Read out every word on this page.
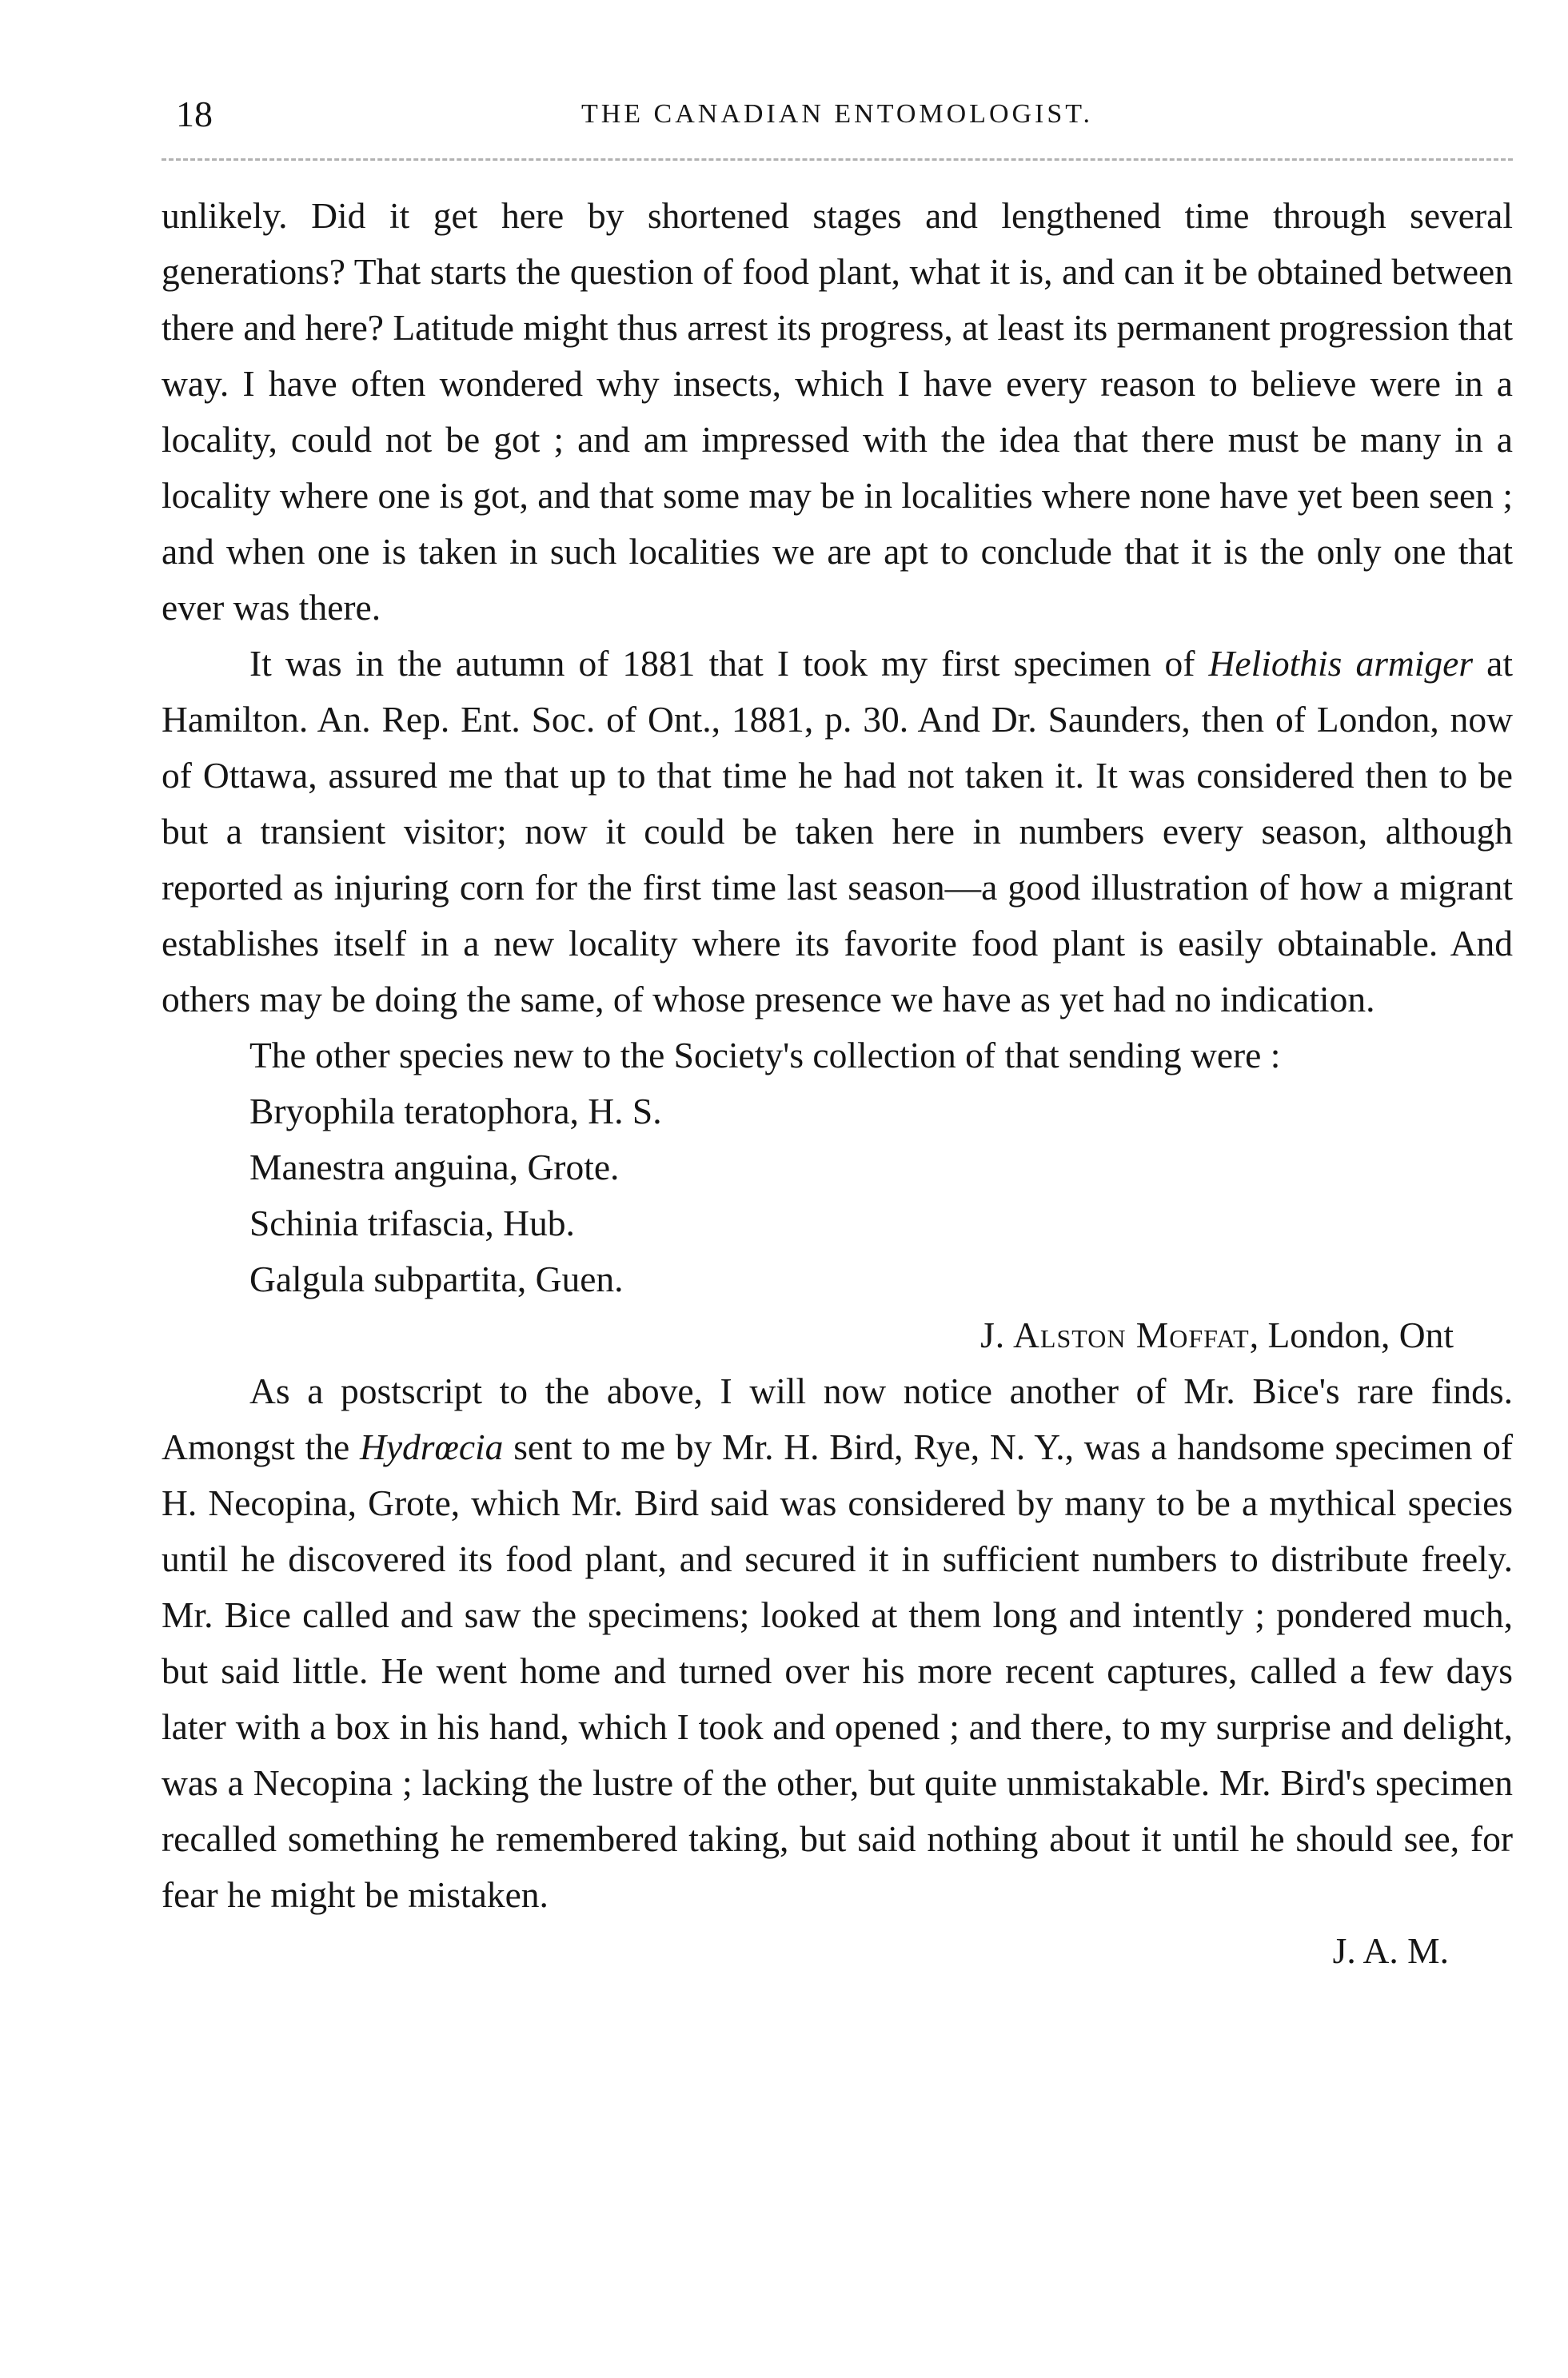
18	THE CANADIAN ENTOMOLOGIST.

unlikely. Did it get here by shortened stages and lengthened time through several generations? That starts the question of food plant, what it is, and can it be obtained between there and here? Latitude might thus arrest its progress, at least its permanent progression that way. I have often wondered why insects, which I have every reason to believe were in a locality, could not be got ; and am impressed with the idea that there must be many in a locality where one is got, and that some may be in localities where none have yet been seen ; and when one is taken in such localities we are apt to conclude that it is the only one that ever was there.

It was in the autumn of 1881 that I took my first specimen of Heliothis armiger at Hamilton. An. Rep. Ent. Soc. of Ont., 1881, p. 30. And Dr. Saunders, then of London, now of Ottawa, assured me that up to that time he had not taken it. It was considered then to be but a transient visitor; now it could be taken here in numbers every season, although reported as injuring corn for the first time last season—a good illustration of how a migrant establishes itself in a new locality where its favorite food plant is easily obtainable. And others may be doing the same, of whose presence we have as yet had no indication.

The other species new to the Society's collection of that sending were :

Bryophila teratophora, H. S.
Manestra anguina, Grote.
Schinia trifascia, Hub.
Galgula subpartita, Guen.

J. Alston Moffat, London, Ont

As a postscript to the above, I will now notice another of Mr. Bice's rare finds. Amongst the Hydrœcia sent to me by Mr. H. Bird, Rye, N. Y., was a handsome specimen of H. Necopina, Grote, which Mr. Bird said was considered by many to be a mythical species until he discovered its food plant, and secured it in sufficient numbers to distribute freely. Mr. Bice called and saw the specimens; looked at them long and intently ; pondered much, but said little. He went home and turned over his more recent captures, called a few days later with a box in his hand, which I took and opened ; and there, to my surprise and delight, was a Necopina ; lacking the lustre of the other, but quite unmistakable. Mr. Bird's specimen recalled something he remembered taking, but said nothing about it until he should see, for fear he might be mistaken.

J. A. M.
